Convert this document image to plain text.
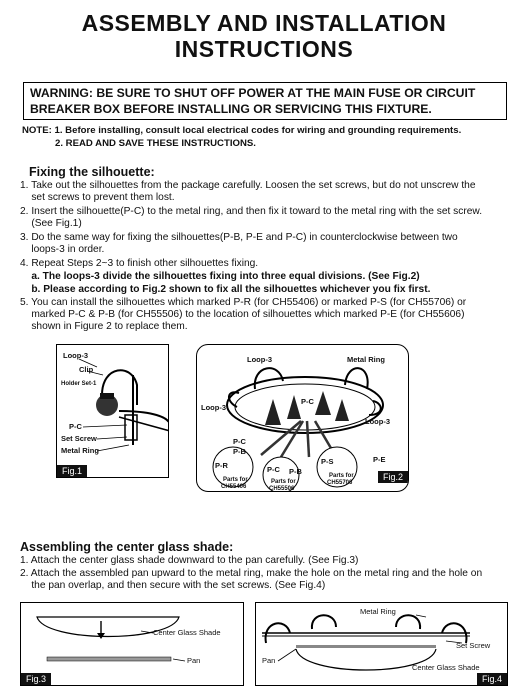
ASSEMBLY AND INSTALLATION
INSTRUCTIONS
WARNING: BE SURE TO SHUT OFF POWER AT THE MAIN FUSE OR CIRCUIT
BREAKER BOX BEFORE INSTALLING OR SERVICING THIS FIXTURE.
NOTE: 1. Before installing, consult local electrical codes for wiring and grounding requirements.
2. READ AND SAVE THESE INSTRUCTIONS.
Fixing the silhouette:
1. Take out the silhouettes from the package carefully. Loosen the set screws, but do not unscrew the
set screws to prevent them lost.
2. Insert the silhouette(P-C) to the metal ring, and then fix it toward to the metal ring with the set screw.
(See Fig.1)
3. Do the same way for fixing the silhouettes(P-B, P-E and P-C) in counterclockwise between two
loops-3 in order.
4. Repeat Steps 2~3 to finish other silhouettes fixing.
a. The loops-3 divide the silhouettes fixing into three equal divisions. (See Fig.2)
b. Please according to Fig.2 shown to fix all the silhouettes whichever you fix first.
5. You can install the silhouettes which marked P-R (for CH55406) or marked P-S (for CH55706) or
marked P-C & P-B (for CH55506) to the location of silhouettes which marked P-E (for CH55606)
shown in Figure 2 to replace them.
Loop-3
Clip
Holder Set-1
P-C
Set Screw
Metal Ring
Fig.1
Loop-3
Loop-3
Loop-3
Metal Ring
P-C
P-C
P-B
P-E
P-R	P-S
Parts for
CH55406
P-C P-B
Parts for
CH55506
Parts for
CH55706
Fig.2
Assembling the center glass shade:
1. Attach the center glass shade downward to the pan carefully. (See Fig.3)
2. Attach the assembled pan upward to the metal ring, make the hole on the metal ring and the hole on
the pan overlap, and then secure with the set screws. (See Fig.4)
Center Glass Shade
Pan
Fig.3
Metal Ring
Set Screw
Pan
Center Glass Shade
Fig.4
